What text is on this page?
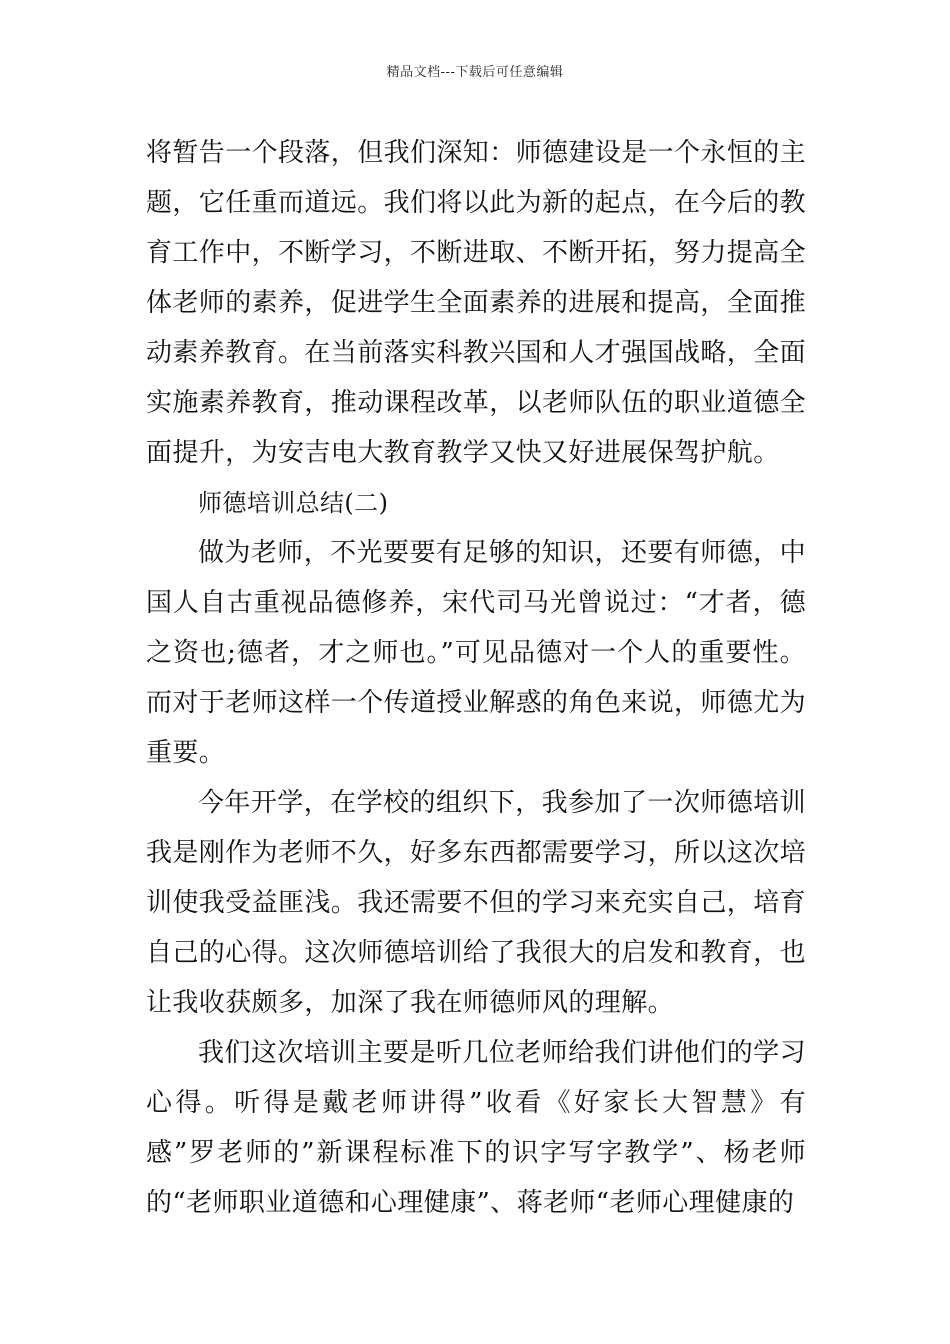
精品文档---下载后可任意编辑

将暂告一个段落，但我们深知：师德建设是一个永恒的主题，它任重而道远。我们将以此为新的起点，在今后的教育工作中，不断学习，不断进取、不断开拓，努力提高全体老师的素养，促进学生全面素养的进展和提高，全面推动素养教育。在当前落实科教兴国和人才强国战略，全面实施素养教育，推动课程改革，以老师队伍的职业道德全面提升，为安吉电大教育教学又快又好进展保驾护航。

师德培训总结(二)

做为老师，不光要要有足够的知识，还要有师德，中国人自古重视品德修养，宋代司马光曾说过：“才者，德之资也;德者，才之师也。”可见品德对一个人的重要性。而对于老师这样一个传道授业解惑的角色来说，师德尤为重要。

今年开学，在学校的组织下，我参加了一次师德培训我是刚作为老师不久，好多东西都需要学习，所以这次培训使我受益匪浅。我还需要不但的学习来充实自己，培育自己的心得。这次师德培训给了我很大的启发和教育，也让我收获颇多，加深了我在师德师风的理解。

我们这次培训主要是听几位老师给我们讲他们的学习心得。听得是戴老师讲得”收看《好家长大智慧》有感”罗老师的”新课程标准下的识字写字教学”、杨老师的“老师职业道德和心理健康”、蒋老师“老师心理健康的
